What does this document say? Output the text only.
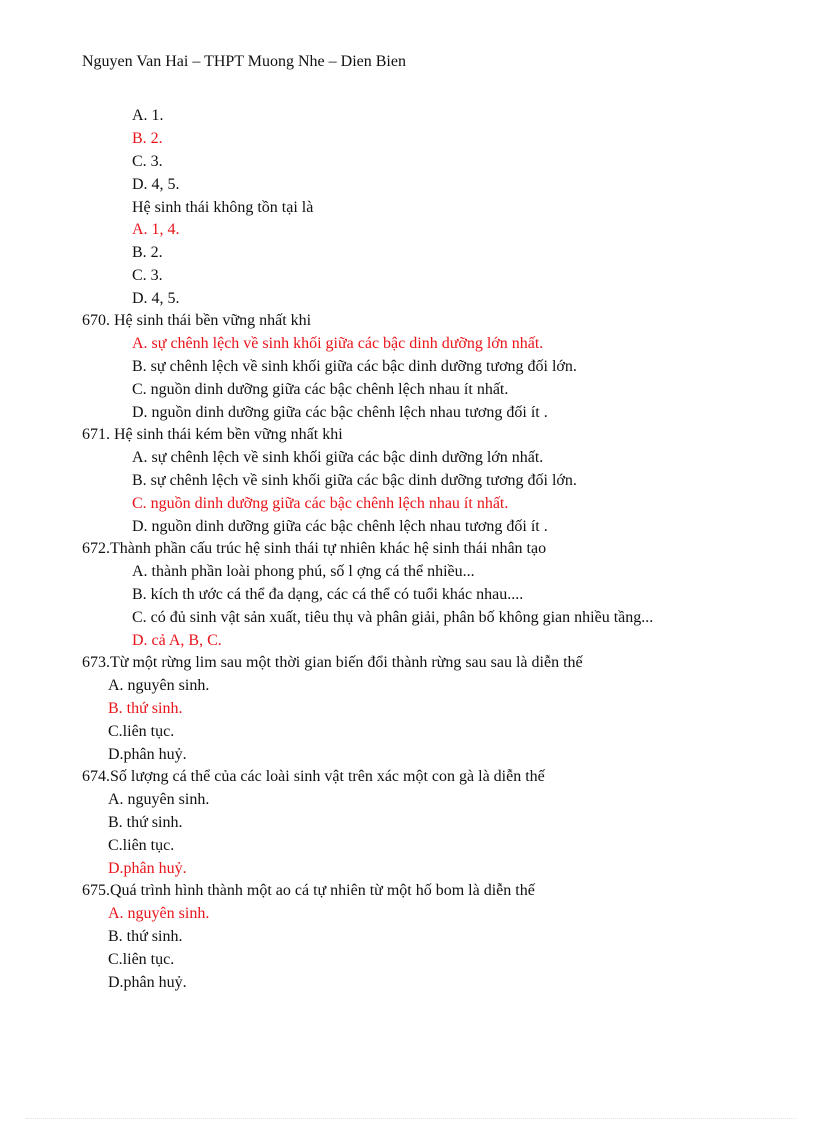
Nguyen Van Hai – THPT Muong Nhe – Dien Bien
A. 1.
B. 2.
C. 3.
D. 4, 5.
Hệ sinh thái không tồn tại là
A. 1, 4.
B. 2.
C. 3.
D. 4, 5.
670. Hệ sinh thái bền vững nhất khi
A. sự chênh lệch về sinh khối giữa các bậc dinh dưỡng lớn nhất.
B. sự chênh lệch về sinh khối giữa các bậc dinh dưỡng tương đối lớn.
C. nguồn dinh dưỡng giữa các bậc chênh lệch nhau ít nhất.
D. nguồn dinh dưỡng giữa các bậc chênh lệch nhau tương đối ít .
671. Hệ sinh thái kém bền vững nhất khi
A. sự chênh lệch về sinh khối giữa các bậc dinh dưỡng lớn nhất.
B. sự chênh lệch về sinh khối giữa các bậc dinh dưỡng tương đối lớn.
C. nguồn dinh dưỡng giữa các bậc chênh lệch nhau ít nhất.
D. nguồn dinh dưỡng giữa các bậc chênh lệch nhau tương đối ít .
672.Thành phần cấu trúc hệ sinh thái tự nhiên khác hệ sinh thái nhân tạo
A. thành phần loài phong phú, số l ợng cá thể nhiều...
B. kích th ước cá thể đa dạng, các cá thể có tuổi khác nhau....
C. có đủ sinh vật sản xuất, tiêu thụ và phân giải, phân bố không gian nhiều tầng...
D. cả A, B, C.
673.Từ một rừng lim sau một thời gian biến đổi thành rừng sau sau là diễn thế
A. nguyên sinh.
B. thứ sinh.
C.liên tục.
D.phân huỷ.
674.Số lượng cá thể của các loài sinh vật trên xác một con gà là diễn thế
A. nguyên sinh.
B. thứ sinh.
C.liên tục.
D.phân huỷ.
675.Quá trình hình thành một ao cá tự nhiên từ một hố bom là diễn thế
A. nguyên sinh.
B. thứ sinh.
C.liên tục.
D.phân huỷ.
